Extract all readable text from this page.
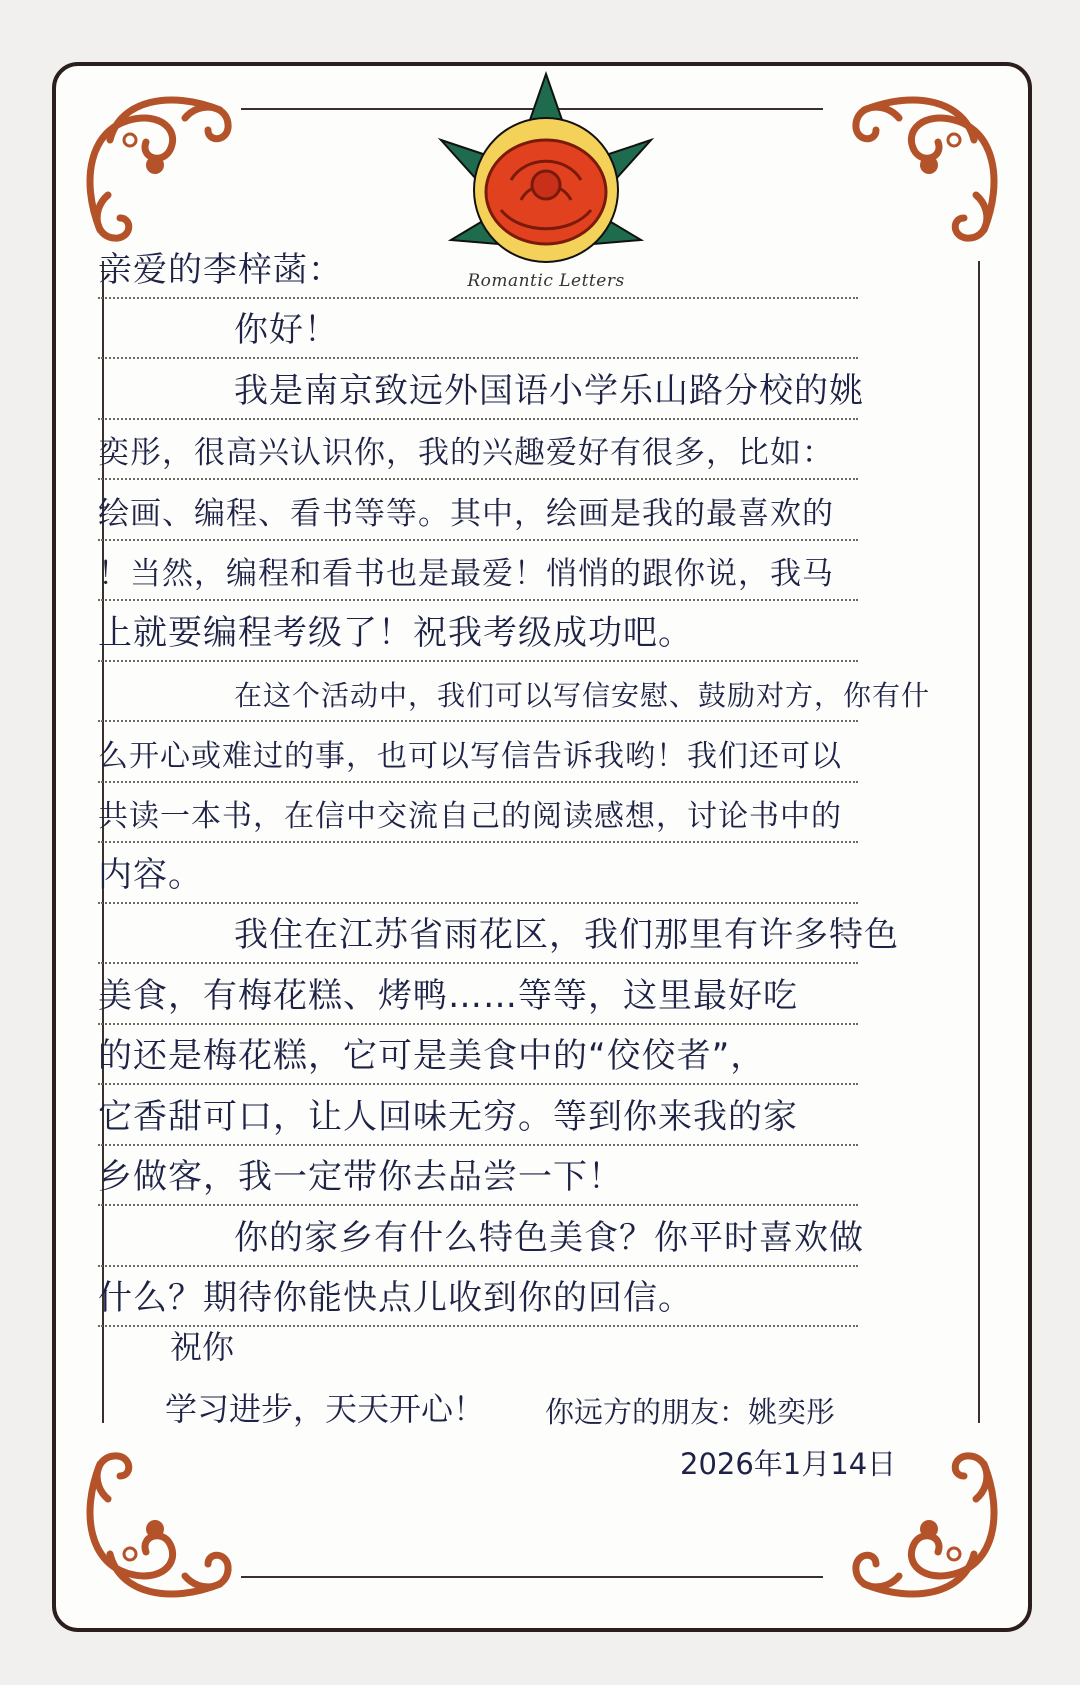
Romantic Letters
亲爱的李梓菡：
你好！
我是南京致远外国语小学乐山路分校的姚
奕彤，很高兴认识你，我的兴趣爱好有很多，比如：
绘画、编程、看书等等。其中，绘画是我的最喜欢的
！当然，编程和看书也是最爱！悄悄的跟你说，我马
上就要编程考级了！祝我考级成功吧。
在这个活动中，我们可以写信安慰、鼓励对方，你有什
么开心或难过的事，也可以写信告诉我哟！我们还可以
共读一本书，在信中交流自己的阅读感想，讨论书中的
内容。
我住在江苏省雨花区，我们那里有许多特色
美食，有梅花糕、烤鸭……等等，这里最好吃
的还是梅花糕，它可是美食中的“佼佼者”，
它香甜可口，让人回味无穷。等到你来我的家
乡做客，我一定带你去品尝一下！
你的家乡有什么特色美食？你平时喜欢做
什么？期待你能快点儿收到你的回信。
祝你
学习进步，天天开心！ 你远方的朋友：姚奕彤
2026年1月14日
